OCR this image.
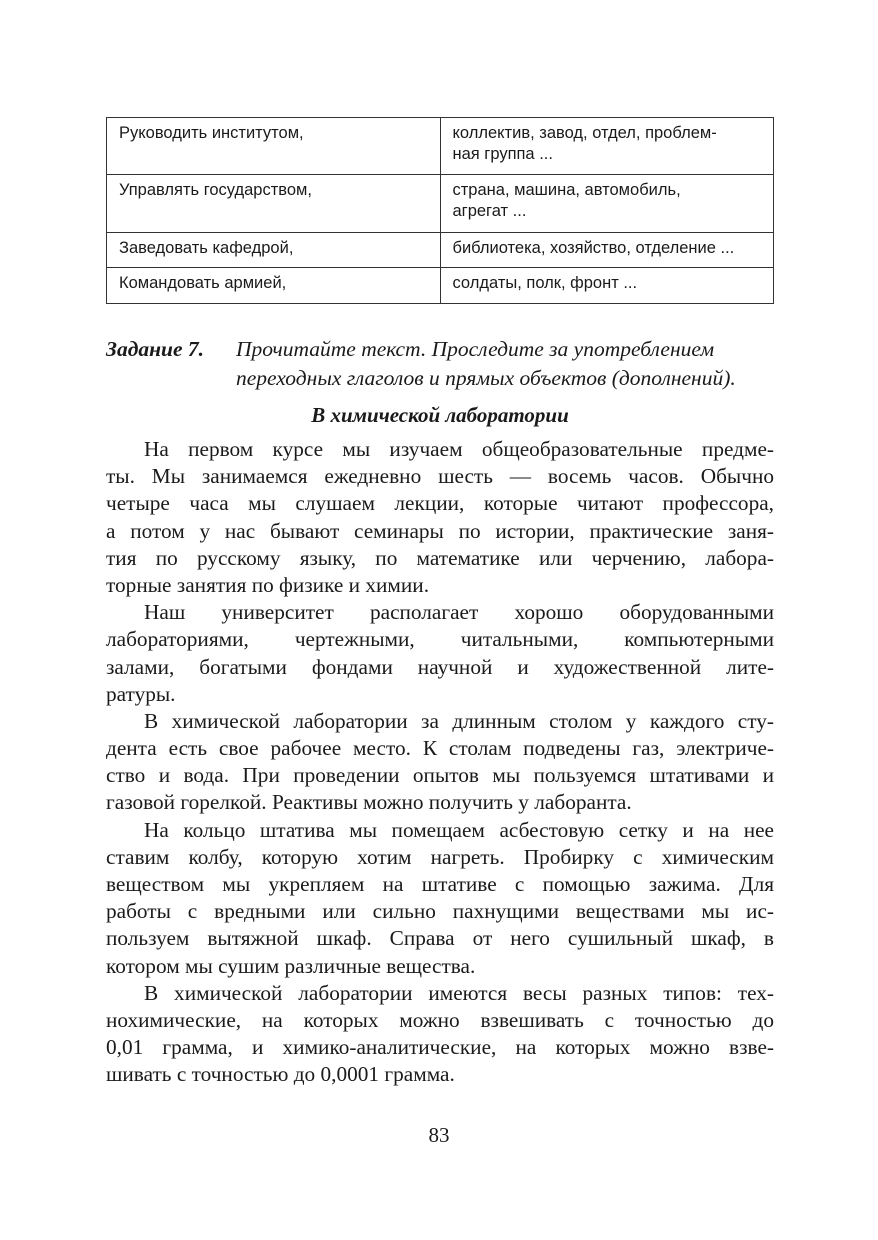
Руководить институтом,	коллектив, завод, отдел, проблем-
ная группа ...

Управлять государством,	страна, машина, автомобиль,
агрегат ...

Заведовать кафедрой,	библиотека, хозяйство, отделение ...

Командовать армией,	солдаты, полк, фронт ...
Задание 7. Прочитайте текст. Проследите за употреблением
переходных глаголов и прямых объектов (дополнений).
В химической лаборатории
На первом курсе мы изучаем общеобразовательные предме-
ты. Мы занимаемся ежедневно шесть — восемь часов. Обычно
четыре часа мы слушаем лекции, которые читают профессора,
а потом у нас бывают семинары по истории, практические заня-
тия по русскому языку, по математике или черчению, лабора-
торные занятия по физике и химии.
Наш университет располагает хорошо оборудованными
лабораториями, чертежными, читальными, компьютерными
залами, богатыми фондами научной и художественной лите-
ратуры.
В химической лаборатории за длинным столом у каждого сту-
дента есть свое рабочее место. К столам подведены газ, электриче-
ство и вода. При проведении опытов мы пользуемся штативами и
газовой горелкой. Реактивы можно получить у лаборанта.
На кольцо штатива мы помещаем асбестовую сетку и на нее
ставим колбу, которую хотим нагреть. Пробирку с химическим
веществом мы укрепляем на штативе с помощью зажима. Для
работы с вредными или сильно пахнущими веществами мы ис-
пользуем вытяжной шкаф. Справа от него сушильный шкаф, в
котором мы сушим различные вещества.
В химической лаборатории имеются весы разных типов: тех-
нохимические, на которых можно взвешивать с точностью до
0,01 грамма, и химико-аналитические, на которых можно взве-
шивать с точностью до 0,0001 грамма.
83
